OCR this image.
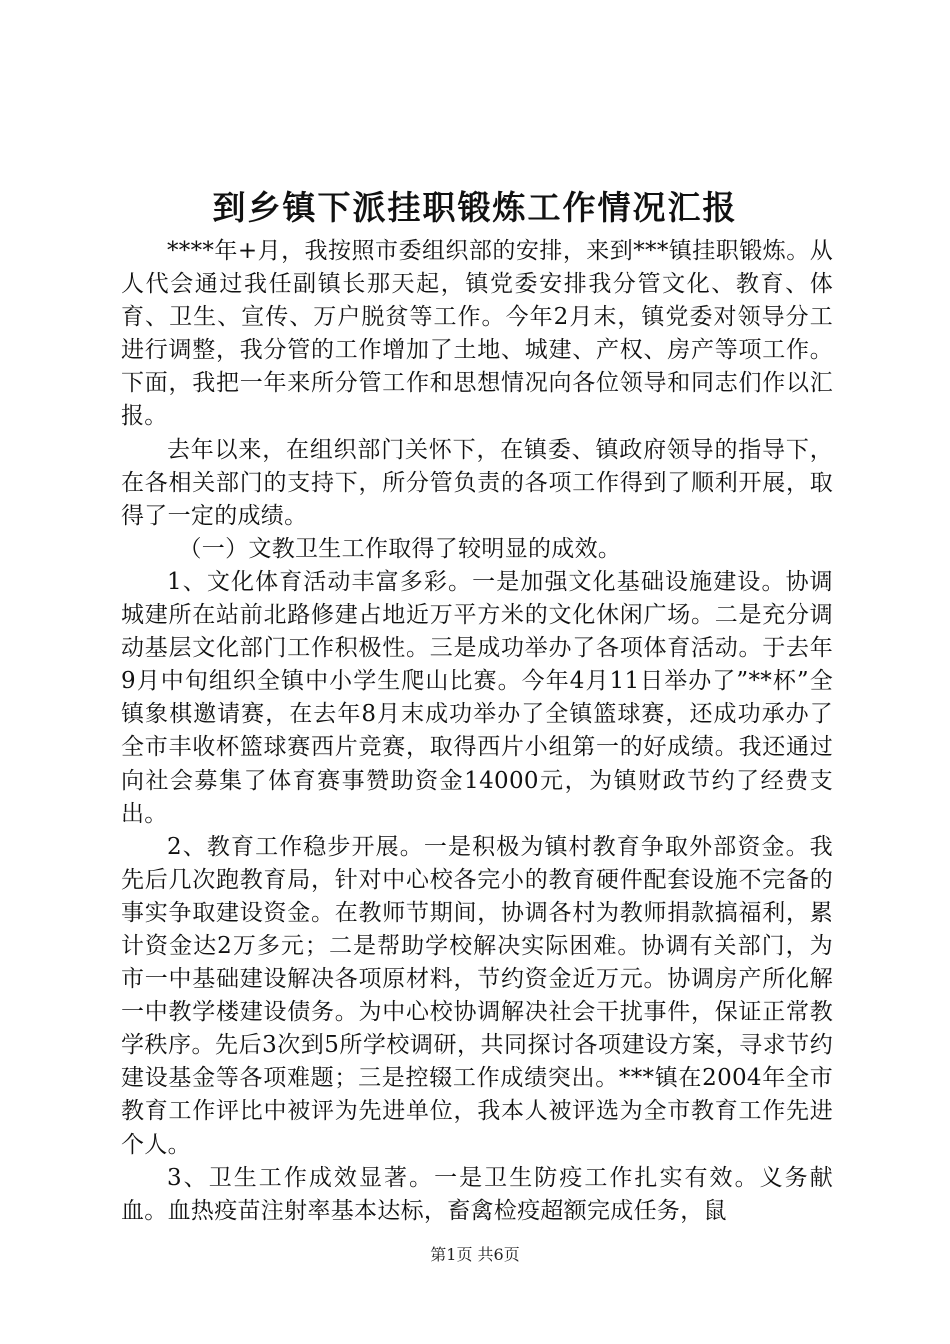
到乡镇下派挂职锻炼工作情况汇报

****年+月，我按照市委组织部的安排，来到***镇挂职锻炼。从人代会通过我任副镇长那天起，镇党委安排我分管文化、教育、体育、卫生、宣传、万户脱贫等工作。今年2月末，镇党委对领导分工进行调整，我分管的工作增加了土地、城建、产权、房产等项工作。下面，我把一年来所分管工作和思想情况向各位领导和同志们作以汇报。

去年以来，在组织部门关怀下，在镇委、镇政府领导的指导下，在各相关部门的支持下，所分管负责的各项工作得到了顺利开展，取得了一定的成绩。

（一）文教卫生工作取得了较明显的成效。

1、文化体育活动丰富多彩。一是加强文化基础设施建设。协调城建所在站前北路修建占地近万平方米的文化休闲广场。二是充分调动基层文化部门工作积极性。三是成功举办了各项体育活动。于去年9月中旬组织全镇中小学生爬山比赛。今年4月11日举办了”**杯”全镇象棋邀请赛，在去年8月末成功举办了全镇篮球赛，还成功承办了全市丰收杯篮球赛西片竞赛，取得西片小组第一的好成绩。我还通过向社会募集了体育赛事赞助资金14000元，为镇财政节约了经费支出。

2、教育工作稳步开展。一是积极为镇村教育争取外部资金。我先后几次跑教育局，针对中心校各完小的教育硬件配套设施不完备的事实争取建设资金。在教师节期间，协调各村为教师捐款搞福利，累计资金达2万多元；二是帮助学校解决实际困难。协调有关部门，为市一中基础建设解决各项原材料，节约资金近万元。协调房产所化解一中教学楼建设债务。为中心校协调解决社会干扰事件，保证正常教学秩序。先后3次到5所学校调研，共同探讨各项建设方案，寻求节约建设基金等各项难题；三是控辍工作成绩突出。***镇在2004年全市教育工作评比中被评为先进单位，我本人被评选为全市教育工作先进个人。

3、卫生工作成效显著。一是卫生防疫工作扎实有效。义务献血。血热疫苗注射率基本达标，畜禽检疫超额完成任务，鼠

第1页 共6页
